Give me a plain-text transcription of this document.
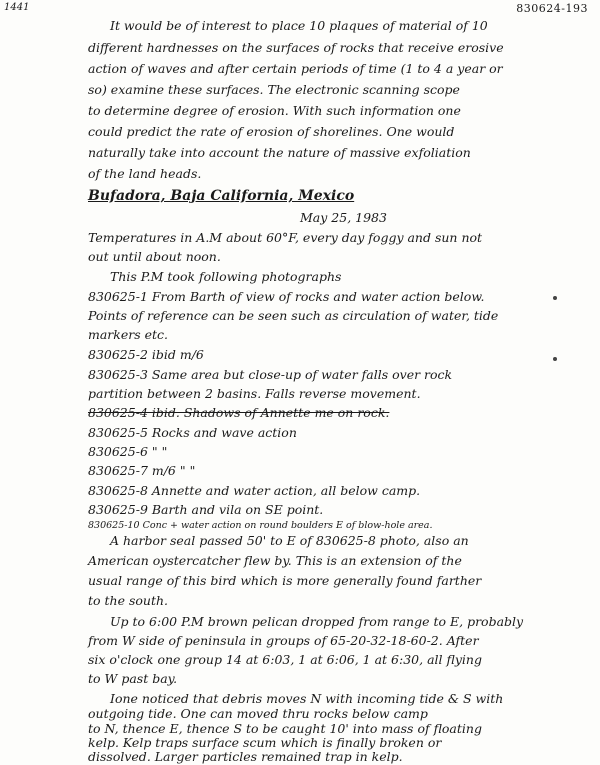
1441	830624-193
It would be of interest to place 10 plaques of material of 10
different hardnesses on the surfaces of rocks that receive erosive
action of waves and after certain periods of time (1 to 4 a year or
so) examine these surfaces. The electronic scanning scope
to determine degree of erosion. With such information one
could predict the rate of erosion of shorelines. One would
naturally take into account the nature of massive exfoliation
of the land heads.
Bufadora, Baja California, Mexico
May 25, 1983
Temperatures in A.M about 60°F, every day foggy and sun not
out until about noon.
This P.M took following photographs
830625-1 From Barth of view of rocks and water action below.
Points of reference can be seen such as circulation of water, tide
markers etc.
830625-2 ibid m/6
830625-3 Same area but close-up of water falls over rock
partition between 2 basins. Falls reverse movement.
830625-4 ibid. Shadows of Annette me on rock.
830625-5 Rocks and wave action
830625-6 " "
830625-7 m/6 " "
830625-8 Annette and water action, all below camp.
830625-9 Barth and vila on SE point.
830625-10 Conc + water action on round boulders E of blow-hole area.
A harbor seal passed 50' to E of 830625-8 photo, also an
American oystercatcher flew by. This is an extension of the
usual range of this bird which is more generally found farther
to the south.
Up to 6:00 P.M brown pelican dropped from range to E, probably
from W side of peninsula in groups of 65-20-32-18-60-2. After
six o'clock one group 14 at 6:03, 1 at 6:06, 1 at 6:30, all flying
to W past bay.
Ione noticed that debris moves N with incoming tide & S with
outgoing tide. One can moved thru rocks below camp
to N, thence E, thence S to be caught 10' into mass of floating
kelp. Kelp traps surface scum which is finally broken or
dissolved. Larger particles remained trap in kelp.
